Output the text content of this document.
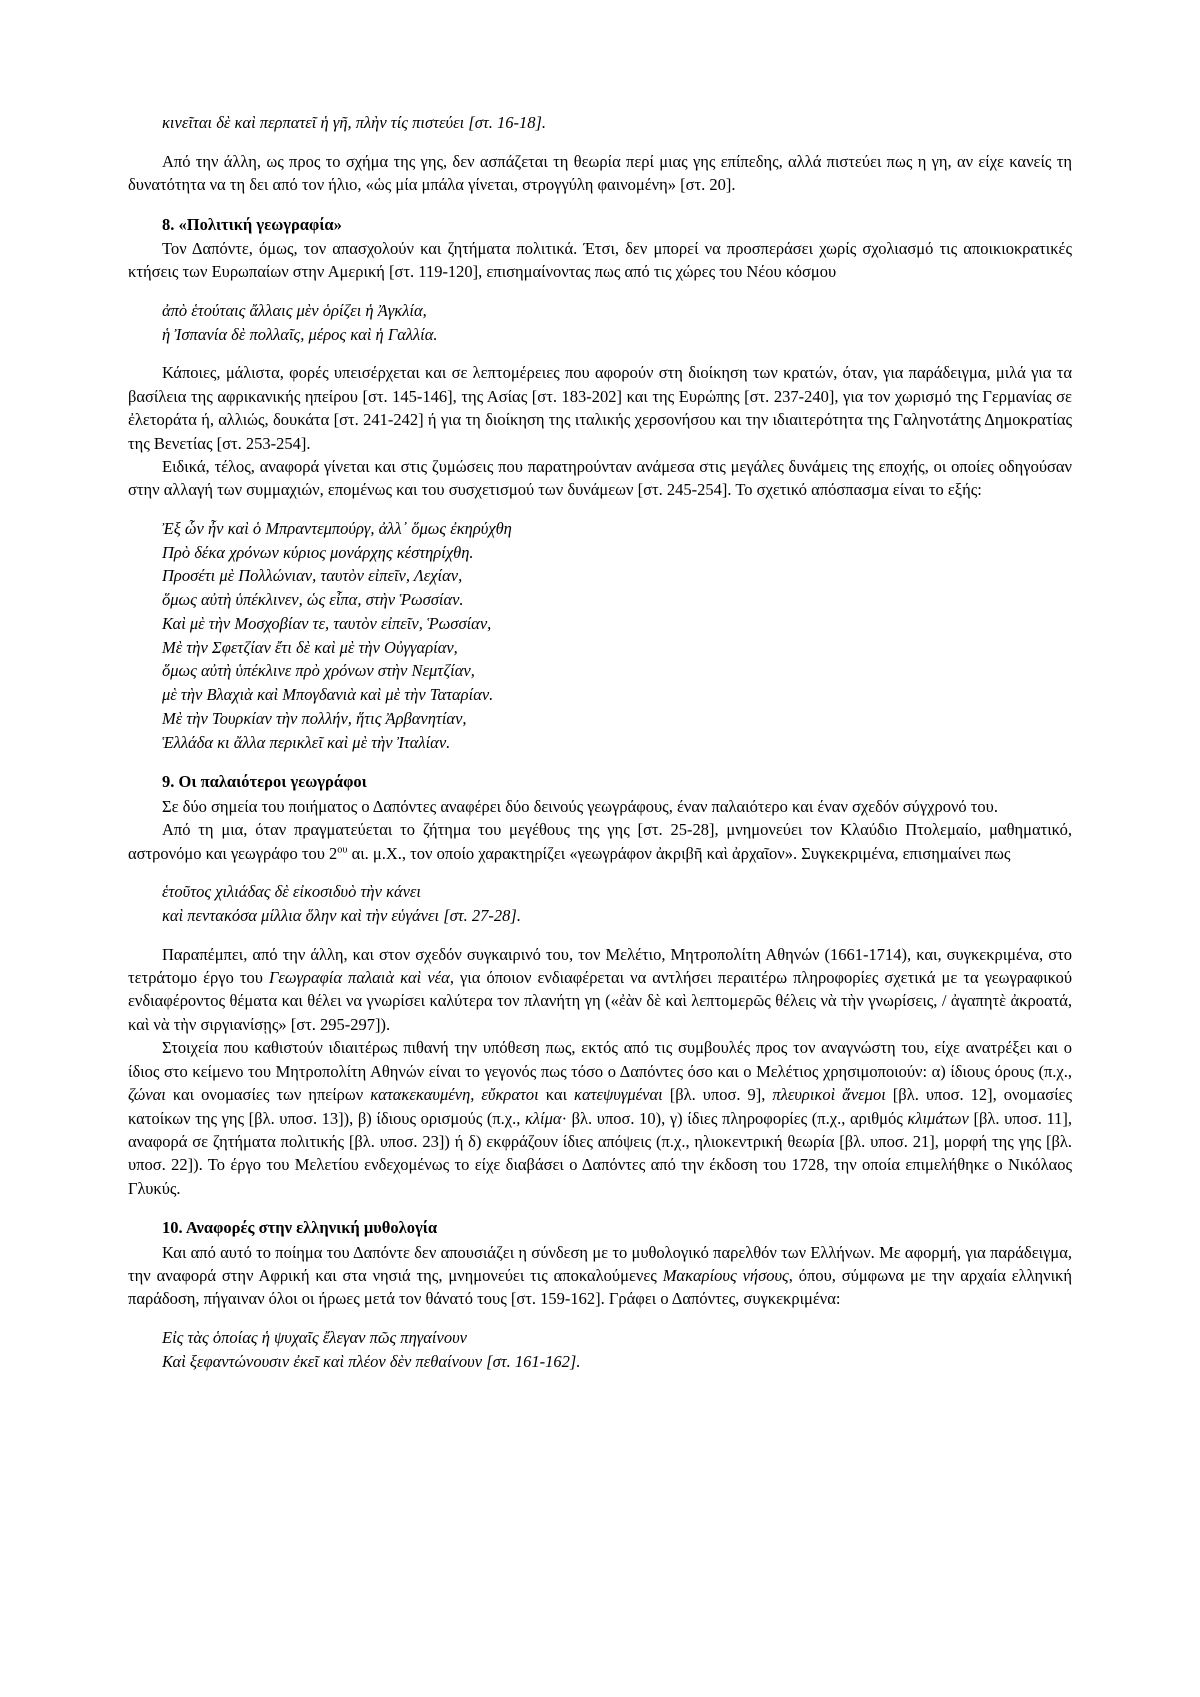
κινεῖται δὲ καὶ περπατεῖ ἡ γῆ, πλὴν τίς πιστεύει [στ. 16-18].

Από την άλλη, ως προς το σχήμα της γης, δεν ασπάζεται τη θεωρία περί μιας γης επίπεδης, αλλά πιστεύει πως η γη, αν είχε κανείς τη δυνατότητα να τη δει από τον ήλιο, «ὡς μία μπάλα γίνεται, στρογγύλη φαινομένη» [στ. 20].

8. «Πολιτική γεωγραφία»

Τον Δαπόντε, όμως, τον απασχολούν και ζητήματα πολιτικά. Έτσι, δεν μπορεί να προσπεράσει χωρίς σχολιασμό τις αποικιοκρατικές κτήσεις των Ευρωπαίων στην Αμερική [στ. 119-120], επισημαίνοντας πως από τις χώρες του Νέου κόσμου

ἀπὸ ἑτούταις ἄλλαις μὲν ὁρίζει ἡ Ἀγκλία,
ἡ Ἰσπανία δὲ πολλαῖς, μέρος καὶ ἡ Γαλλία.

Κάποιες, μάλιστα, φορές υπεισέρχεται και σε λεπτομέρειες που αφορούν στη διοίκηση των κρατών, όταν, για παράδειγμα, μιλά για τα βασίλεια της αφρικανικής ηπείρου [στ. 145-146], της Ασίας [στ. 183-202] και της Ευρώπης [στ. 237-240], για τον χωρισμό της Γερμανίας σε ἐλετοράτα ή, αλλιώς, δουκάτα [στ. 241-242] ή για τη διοίκηση της ιταλικής χερσονήσου και την ιδιαιτερότητα της Γαληνοτάτης Δημοκρατίας της Βενετίας [στ. 253-254].

Ειδικά, τέλος, αναφορά γίνεται και στις ζυμώσεις που παρατηρούνταν ανάμεσα στις μεγάλες δυνάμεις της εποχής, οι οποίες οδηγούσαν στην αλλαγή των συμμαχιών, επομένως και του συσχετισμού των δυνάμεων [στ. 245-254]. Το σχετικό απόσπασμα είναι το εξής:

Ἐξ ὧν ἦν καὶ ὁ Μπραντεμπούργ, ἀλλ᾽ ὅμως ἐκηρύχθη
Πρὸ δέκα χρόνων κύριος μονάρχης κέστηρίχθη.
Προσέτι μὲ Πολλώνιαν, ταυτὸν εἰπεῖν, Λεχίαν,
ὅμως αὐτὴ ὑπέκλινεν, ὡς εἶπα, στὴν Ῥωσσίαν.
Καὶ μὲ τὴν Μοσχοβίαν τε, ταυτὸν εἰπεῖν, Ῥωσσίαν,
Μὲ τὴν Σφετζίαν ἔτι δὲ καὶ μὲ τὴν Οὐγγαρίαν,
ὅμως αὐτὴ ὑπέκλινε πρὸ χρόνων στὴν Νεμτζίαν,
μὲ τὴν Βλαχιὰ καὶ Μπογδανιὰ καὶ μὲ τὴν Ταταρίαν.
Μὲ τὴν Τουρκίαν τὴν πολλήν, ἥτις Ἀρβανητίαν,
Ἑλλάδα κι ἄλλα περικλεῖ καὶ μὲ τὴν Ἰταλίαν.

9. Οι παλαιότεροι γεωγράφοι

Σε δύο σημεία του ποιήματος ο Δαπόντες αναφέρει δύο δεινούς γεωγράφους, έναν παλαιότερο και έναν σχεδόν σύγχρονό του.

Από τη μια, όταν πραγματεύεται το ζήτημα του μεγέθους της γης [στ. 25-28], μνημονεύει τον Κλαύδιο Πτολεμαίο, μαθηματικό, αστρονόμο και γεωγράφο του $2^{o\upsilon}$ αι. μ.Χ., τον οποίο χαρακτηρίζει «γεωγράφον ἀκριβῆ καὶ ἀρχαῖον». Συγκεκριμένα, επισημαίνει πως

ἑτοῦτος χιλιάδας δὲ εἰκοσιδυὸ τὴν κάνει
καὶ πεντακόσα μίλλια ὅλην καὶ τὴν εὑγάνει [στ. 27-28].

Παραπέμπει, από την άλλη, και στον σχεδόν συγκαιρινό του, τον Μελέτιο, Μητροπολίτη Αθηνών (1661-1714), και, συγκεκριμένα, στο τετράτομο έργο του Γεωγραφία παλαιὰ καὶ νέα, για όποιον ενδιαφέρεται να αντλήσει περαιτέρω πληροφορίες σχετικά με τα γεωγραφικού ενδιαφέροντος θέματα και θέλει να γνωρίσει καλύτερα τον πλανήτη γη («ἐὰν δὲ καὶ λεπτομερῶς θέλεις νὰ τὴν γνωρίσεις, / ἀγαπητὲ ἀκροατά, καὶ νὰ τὴν σιργιανίσῃς» [στ. 295-297]).

Στοιχεία που καθιστούν ιδιαιτέρως πιθανή την υπόθεση πως, εκτός από τις συμβουλές προς τον αναγνώστη του, είχε ανατρέξει και ο ίδιος στο κείμενο του Μητροπολίτη Αθηνών είναι το γεγονός πως τόσο ο Δαπόντες όσο και ο Μελέτιος χρησιμοποιούν: α) ίδιους όρους (π.χ., ζώναι και ονομασίες των ηπείρων κατακεκαυμένη, εὔκρατοι και κατεψυγμέναι [βλ. υποσ. 9], πλευρικοὶ ἄνεμοι [βλ. υποσ. 12], ονομασίες κατοίκων της γης [βλ. υποσ. 13]), β) ίδιους ορισμούς (π.χ., κλίμα· βλ. υποσ. 10), γ) ίδιες πληροφορίες (π.χ., αριθμός κλιμάτων [βλ. υποσ. 11], αναφορά σε ζητήματα πολιτικής [βλ. υποσ. 23]) ή δ) εκφράζουν ίδιες απόψεις (π.χ., ηλιοκεντρική θεωρία [βλ. υποσ. 21], μορφή της γης [βλ. υποσ. 22]). Το έργο του Μελετίου ενδεχομένως το είχε διαβάσει ο Δαπόντες από την έκδοση του 1728, την οποία επιμελήθηκε ο Νικόλαος Γλυκύς.

10. Αναφορές στην ελληνική μυθολογία

Και από αυτό το ποίημα του Δαπόντε δεν απουσιάζει η σύνδεση με το μυθολογικό παρελθόν των Ελλήνων. Με αφορμή, για παράδειγμα, την αναφορά στην Αφρική και στα νησιά της, μνημονεύει τις αποκαλούμενες Μακαρίους νήσους, όπου, σύμφωνα με την αρχαία ελληνική παράδοση, πήγαιναν όλοι οι ήρωες μετά τον θάνατό τους [στ. 159-162]. Γράφει ο Δαπόντες, συγκεκριμένα:

Εἰς τὰς ὁποίας ἡ ψυχαῖς ἔλεγαν πῶς πηγαίνουν
Καὶ ξεφαντώνουσιν ἐκεῖ καὶ πλέον δὲν πεθαίνουν [στ. 161-162].
